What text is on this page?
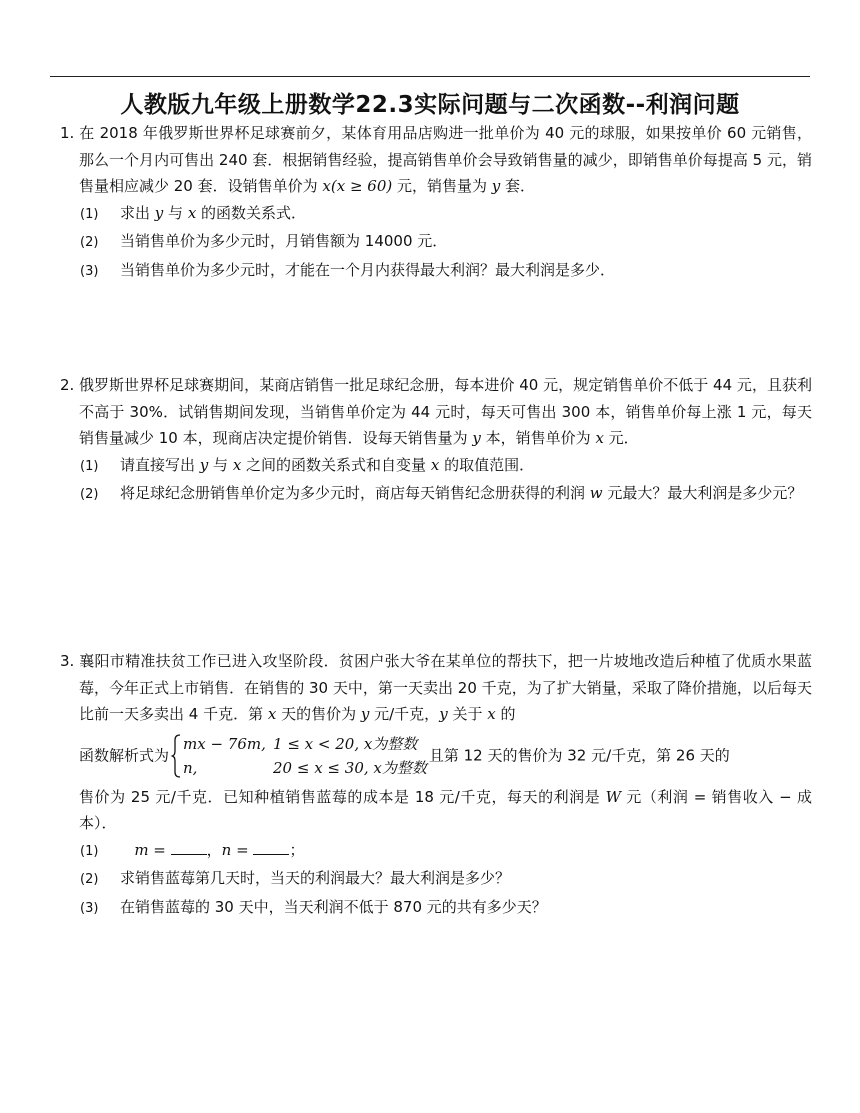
人教版九年级上册数学22.3实际问题与二次函数--利润问题

1. 在 2018 年俄罗斯世界杯足球赛前夕，某体育用品店购进一批单价为 40 元的球服，如果按单价 60 元销售，那么一个月内可售出 240 套．根据销售经验，提高销售单价会导致销售量的减少，即销售单价每提高 5 元，销售量相应减少 20 套．设销售单价为 x(x ≥ 60) 元，销售量为 y 套．

(1) 求出 y 与 x 的函数关系式．

(2) 当销售单价为多少元时，月销售额为 14000 元．

(3) 当销售单价为多少元时，才能在一个月内获得最大利润？最大利润是多少．

2. 俄罗斯世界杯足球赛期间，某商店销售一批足球纪念册，每本进价 40 元，规定销售单价不低于 44 元，且获利不高于 30%．试销售期间发现，当销售单价定为 44 元时，每天可售出 300 本，销售单价每上涨 1 元，每天销售量减少 10 本，现商店决定提价销售．设每天销售量为 y 本，销售单价为 x 元．

(1) 请直接写出 y 与 x 之间的函数关系式和自变量 x 的取值范围．

(2) 将足球纪念册销售单价定为多少元时，商店每天销售纪念册获得的利润 w 元最大？最大利润是多少元？

3. 襄阳市精准扶贫工作已进入攻坚阶段．贫困户张大爷在某单位的帮扶下，把一片坡地改造后种植了优质水果蓝莓，今年正式上市销售．在销售的 30 天中，第一天卖出 20 千克，为了扩大销量，采取了降价措施，以后每天比前一天多卖出 4 千克．第 x 天的售价为 y 元/千克，y 关于 x 的

函数解析式为
mx − 76m, 1 ≤ x < 20, x为整数
n,	20 ≤ x ≤ 30, x为整数
且第 12 天的售价为 32 元/千克，第 26 天的

售价为 25 元/千克．已知种植销售蓝莓的成本是 18 元/千克，每天的利润是 W 元（利润 = 销售收入 − 成本）．

(1) m =	，n =	；

(2) 求销售蓝莓第几天时，当天的利润最大？最大利润是多少？

(3) 在销售蓝莓的 30 天中，当天利润不低于 870 元的共有多少天？
